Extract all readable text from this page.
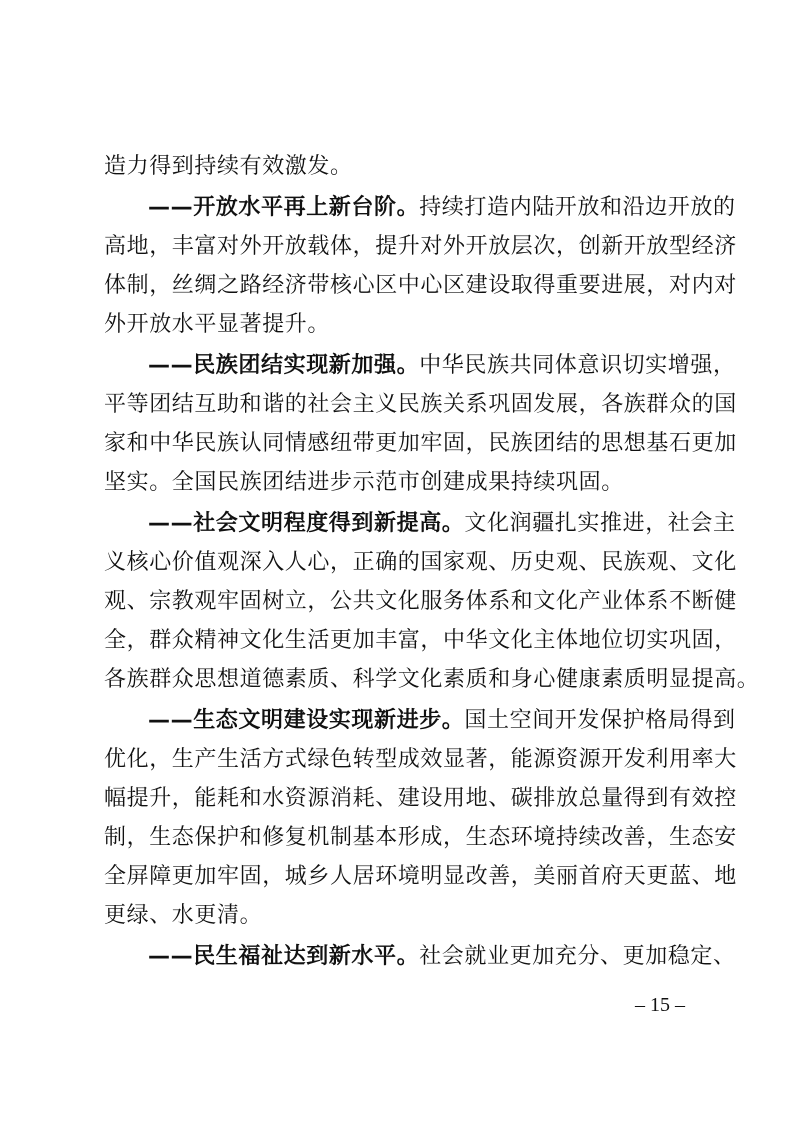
造力得到持续有效激发。
——开放水平再上新台阶。持续打造内陆开放和沿边开放的
高地，丰富对外开放载体，提升对外开放层次，创新开放型经济
体制，丝绸之路经济带核心区中心区建设取得重要进展，对内对
外开放水平显著提升。
——民族团结实现新加强。中华民族共同体意识切实增强，
平等团结互助和谐的社会主义民族关系巩固发展，各族群众的国
家和中华民族认同情感纽带更加牢固，民族团结的思想基石更加
坚实。全国民族团结进步示范市创建成果持续巩固。
——社会文明程度得到新提高。文化润疆扎实推进，社会主
义核心价值观深入人心，正确的国家观、历史观、民族观、文化
观、宗教观牢固树立，公共文化服务体系和文化产业体系不断健
全，群众精神文化生活更加丰富，中华文化主体地位切实巩固，
各族群众思想道德素质、科学文化素质和身心健康素质明显提高。
——生态文明建设实现新进步。国土空间开发保护格局得到
优化，生产生活方式绿色转型成效显著，能源资源开发利用率大
幅提升，能耗和水资源消耗、建设用地、碳排放总量得到有效控
制，生态保护和修复机制基本形成，生态环境持续改善，生态安
全屏障更加牢固，城乡人居环境明显改善，美丽首府天更蓝、地
更绿、水更清。
——民生福祉达到新水平。社会就业更加充分、更加稳定、
– 15 –
